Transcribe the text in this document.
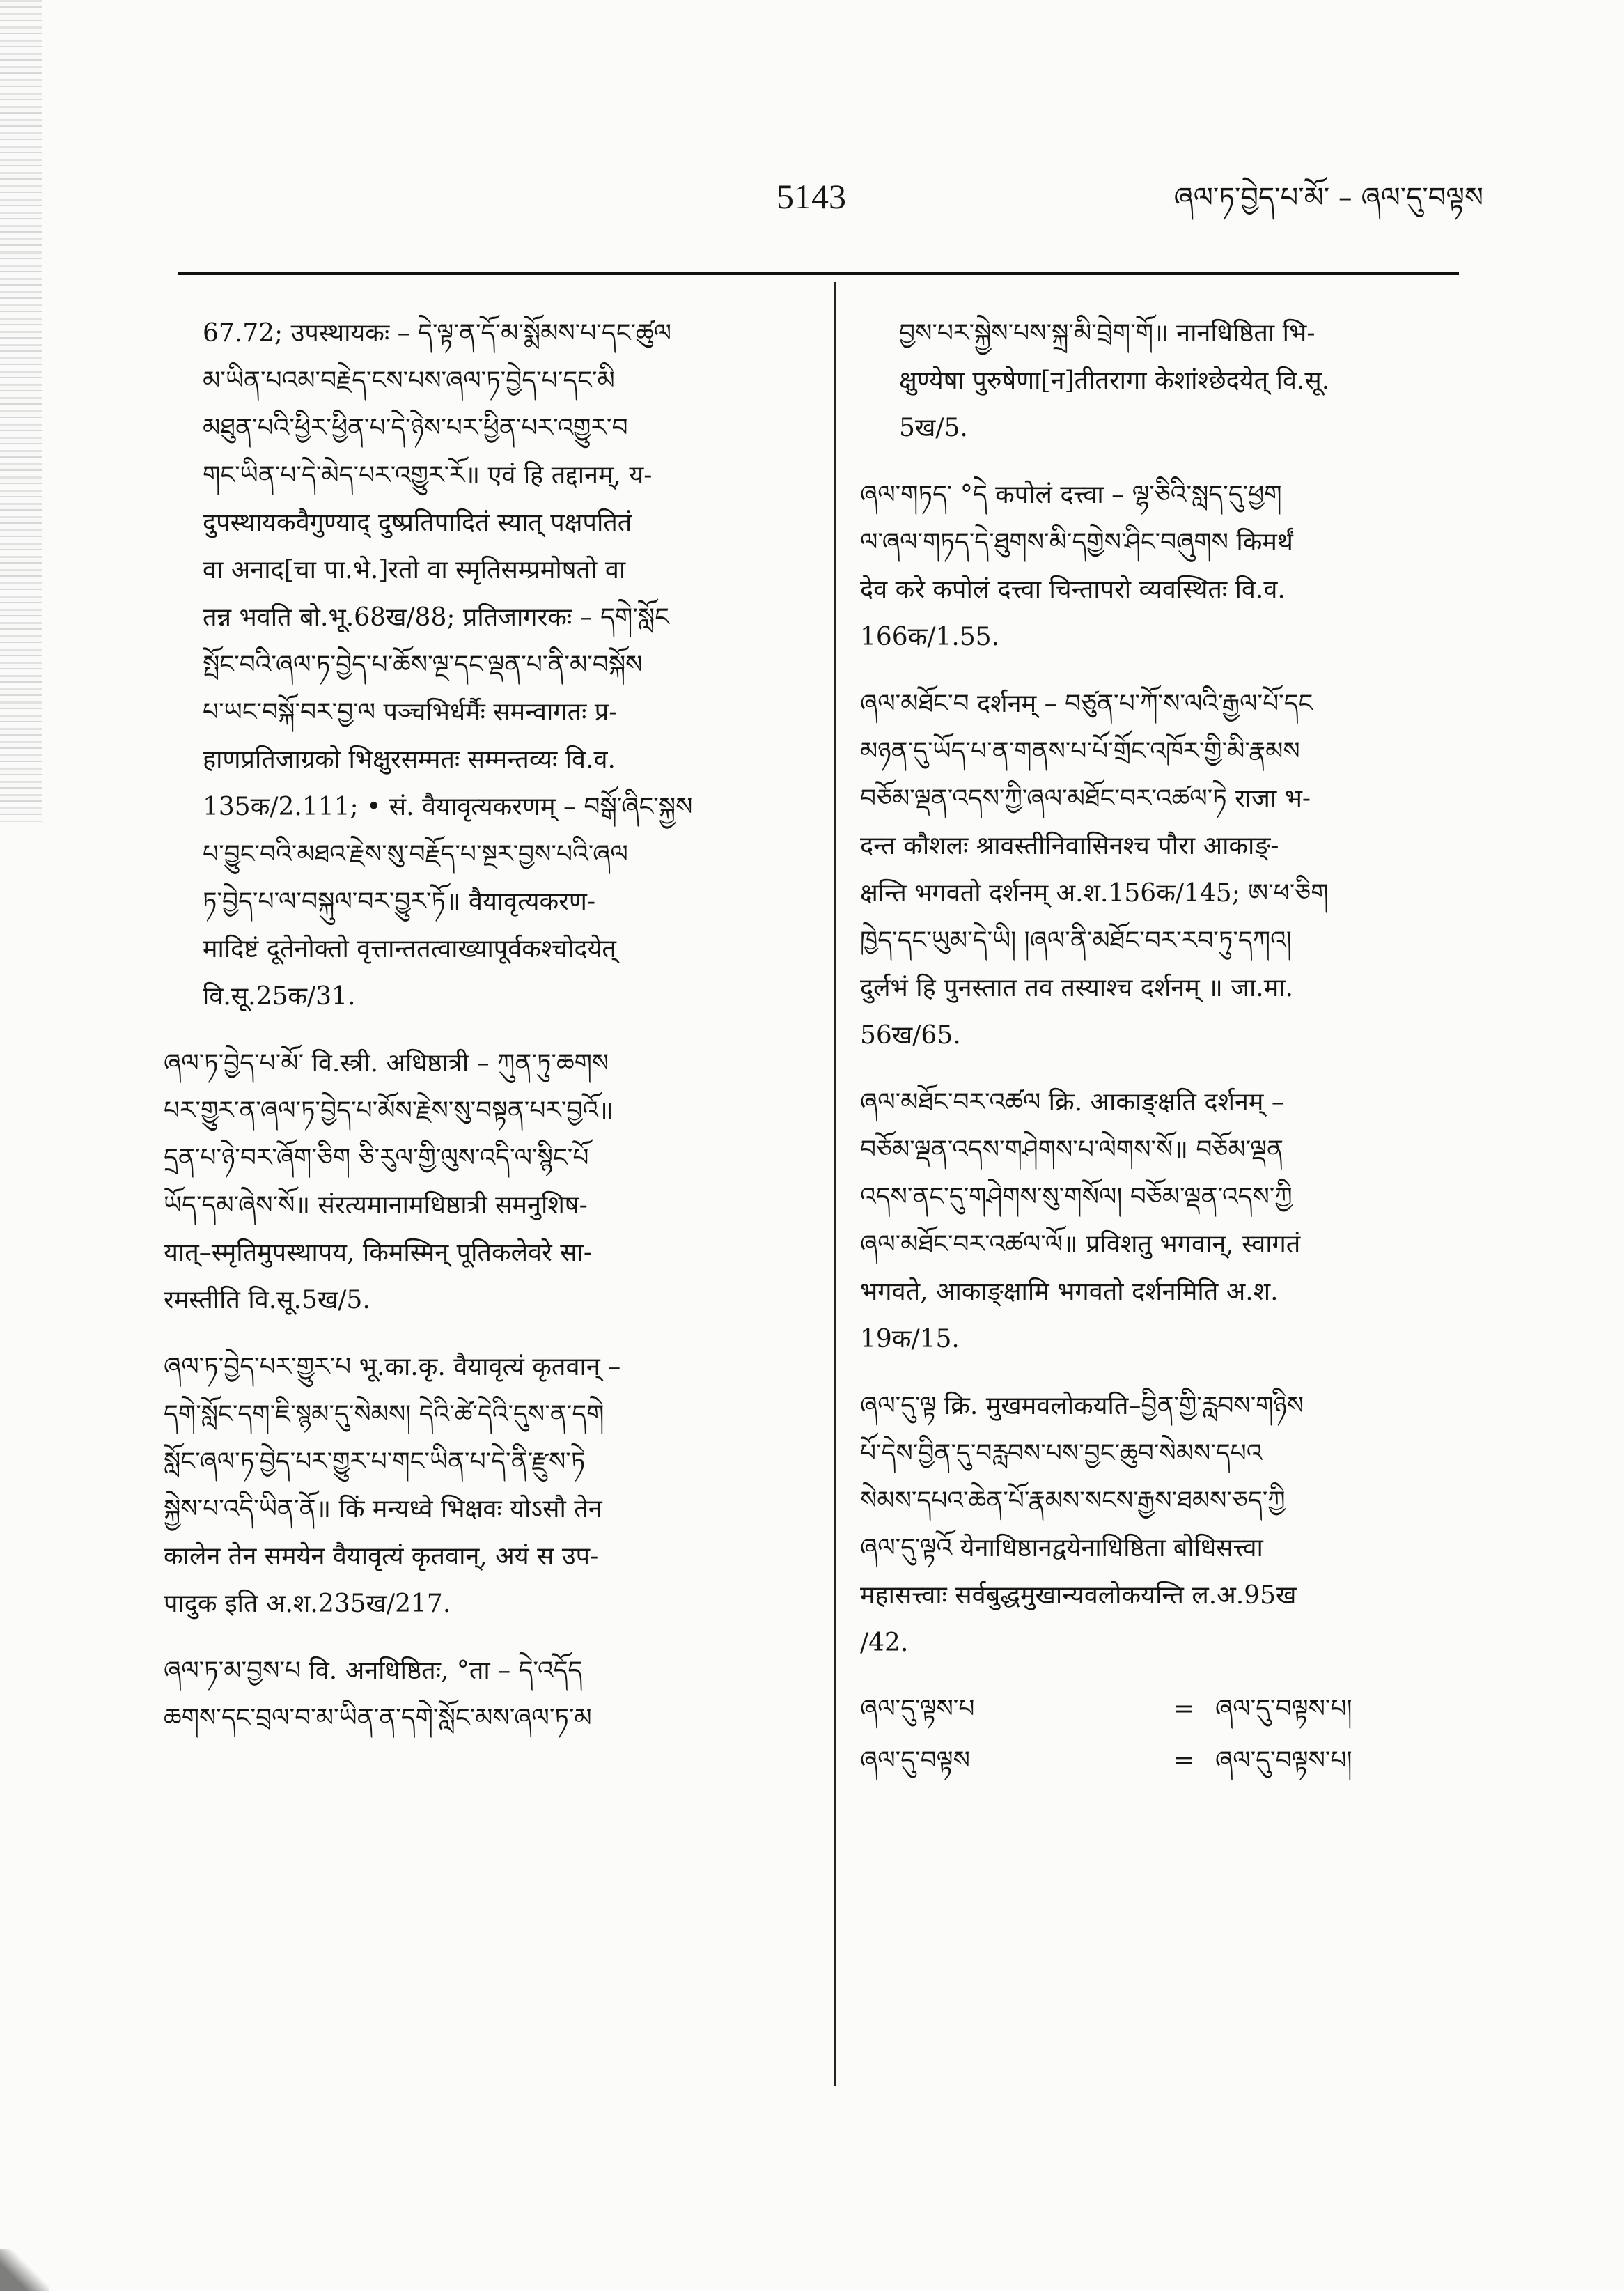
5143	ཞལ་ཏ་བྱེད་པ་མོ་ – ཞལ་དུ་བལྟས
67.72; उपस्थायकः – དེ་ལྟ་ན་དོ་མ་སྨོམས་པ་དང་ཚུལ
མ་ཡིན་པའམ་བརྗེད་ངས་པས་ཞལ་ཏ་བྱེད་པ་དང་མི
མཐུན་པའི་ཕྱིར་ཕྱིན་པ་དེ་ཉེས་པར་ཕྱིན་པར་འགྱུར་བ
གང་ཡིན་པ་དེ་མེད་པར་འགྱུར་རོ॥ एवं हि तद्दानम्, य-
दुपस्थायकवैगुण्याद् दुष्प्रतिपादितं स्यात् पक्षपतितं
वा अनाद[चा पा.भे.]रतो वा स्मृतिसम्प्रमोषतो वा
तन्न भवति बो.भू.68ख/88; प्रतिजागरकः – དགེ་སློང
སྤོང་བའི་ཞལ་ཏ་བྱེད་པ་ཆོས་ལྔ་དང་ལྡན་པ་ནི་མ་བསྐོས
པ་ཡང་བསྐོ་བར་བྱ་ལ पञ्चभिर्धर्मैः समन्वागतः प्र-
हाणप्रतिजाग्रको भिक्षुरसम्मतः सम्मन्तव्यः वि.व.
135क/2.111; • सं. वैयावृत्यकरणम् – བསྒོ་ཞིང་སྐྱས
པ་བྱུང་བའི་མཐའ་རྗེས་སུ་བརྗོད་པ་སྔར་བྱས་པའི་ཞལ
ཏ་བྱེད་པ་ལ་བསྐུལ་བར་བྱུར་ཏོ॥ वैयावृत्यकरण-
मादिष्टं दूतेनोक्तो वृत्तान्ततत्वाख्यापूर्वकश्चोदयेत्
वि.सू.25क/31.
ཞལ་ཏ་བྱེད་པ་མོ་ वि.स्त्री. अधिष्ठात्री – ཀུན་ཏུ་ཆགས
པར་གྱུར་ན་ཞལ་ཏ་བྱེད་པ་མོས་རྗེས་སུ་བསྟན་པར་བྱའོ॥
དྲན་པ་ཉེ་བར་ཞོག་ཅིག ཅི་རུལ་གྱི་ལུས་འདི་ལ་སྙིང་པོ
ཡོད་དམ་ཞེས་སོ॥ संरत्यमानामधिष्ठात्री समनुशिष-
यात्–स्मृतिमुपस्थापय, किमस्मिन् पूतिकलेवरे सा-
रमस्तीति वि.सू.5ख/5.
ཞལ་ཏ་བྱེད་པར་གྱུར་པ भू.का.कृ. वैयावृत्यं कृतवान् –
དགེ་སློང་དག་ཇི་སྙམ་དུ་སེམས། དེའི་ཚེ་དེའི་དུས་ན་དགེ
སློང་ཞལ་ཏ་བྱེད་པར་གྱུར་པ་གང་ཡིན་པ་དེ་ནི་རྫུས་ཏེ
སྐྱེས་པ་འདི་ཡིན་ནོ॥ किं मन्यध्वे भिक्षवः योऽसौ तेन
कालेन तेन समयेन वैयावृत्यं कृतवान्, अयं स उप-
पादुक इति अ.श.235ख/217.
ཞལ་ཏ་མ་བྱས་པ वि. अनधिष्ठितः, °ता – དེ་འདོད
ཆགས་དང་བྲལ་བ་མ་ཡིན་ན་དགེ་སློང་མས་ཞལ་ཏ་མ
བྱས་པར་སྐྱེས་པས་སྐྲ་མི་བྲེག་གོ॥ नानधिष्ठिता भि-
क्षुण्येषा पुरुषेणा[न]तीतरागा केशांश्छेदयेत् वि.सू.
5ख/5.
ཞལ་གཏད་ °དེ कपोलं दत्त्वा – ལྷ་ཅིའི་སླད་དུ་ཕྱག
ལ་ཞལ་གཏད་དེ་ཐུགས་མི་དགྱེས་ཤིང་བཞུགས किमर्थं
देव करे कपोलं दत्त्वा चिन्तापरो व्यवस्थितः वि.व.
166क/1.55.
ཞལ་མཐོང་བ दर्शनम् – བཙུན་པ་ཀོ་ས་ལའི་རྒྱལ་པོ་དང
མཉན་དུ་ཡོད་པ་ན་གནས་པ་པོ་གྲོང་འཁོར་གྱི་མི་རྣམས
བཅོམ་ལྡན་འདས་ཀྱི་ཞལ་མཐོང་བར་འཚལ་ཏེ राजा भ-
दन्त कौशलः श्रावस्तीनिवासिनश्च पौरा आकाङ्-
क्षन्ति भगवतो दर्शनम् अ.श.156क/145; ཨ་ཕ་ཅིག
ཁྱེད་དང་ཡུམ་དེ་ཡི། །ཞལ་ནི་མཐོང་བར་རབ་ཏུ་དཀའ།
दुर्लभं हि पुनस्तात तव तस्याश्च दर्शनम् ॥ जा.मा.
56ख/65.
ཞལ་མཐོང་བར་འཚལ क्रि. आकाङ्क्षति दर्शनम् –
བཅོམ་ལྡན་འདས་གཤེགས་པ་ལེགས་སོ॥ བཅོམ་ལྡན
འདས་ནང་དུ་གཤེགས་སུ་གསོལ། བཅོམ་ལྡན་འདས་ཀྱི
ཞལ་མཐོང་བར་འཚལ་ལོ॥ प्रविशतु भगवान्, स्वागतं
भगवते, आकाङ्क्षामि भगवतो दर्शनमिति अ.श.
19क/15.
ཞལ་དུ་ལྟ क्रि. मुखमवलोकयति–བྱིན་གྱི་རླབས་གཉིས
པོ་དེས་བྱིན་དུ་བརླབས་པས་བྱང་ཆུབ་སེམས་དཔའ
སེམས་དཔའ་ཆེན་པོ་རྣམས་སངས་རྒྱས་ཐམས་ཅད་ཀྱི
ཞལ་དུ་ལྟའོ येनाधिष्ठानद्वयेनाधिष्ठिता बोधिसत्त्वा
महासत्त्वाः सर्वबुद्धमुखान्यवलोकयन्ति ल.अ.95ख
/42.
ཞལ་དུ་ལྟས་པ	= ཞལ་དུ་བལྟས་པ།
ཞལ་དུ་བལྟས	= ཞལ་དུ་བལྟས་པ།
